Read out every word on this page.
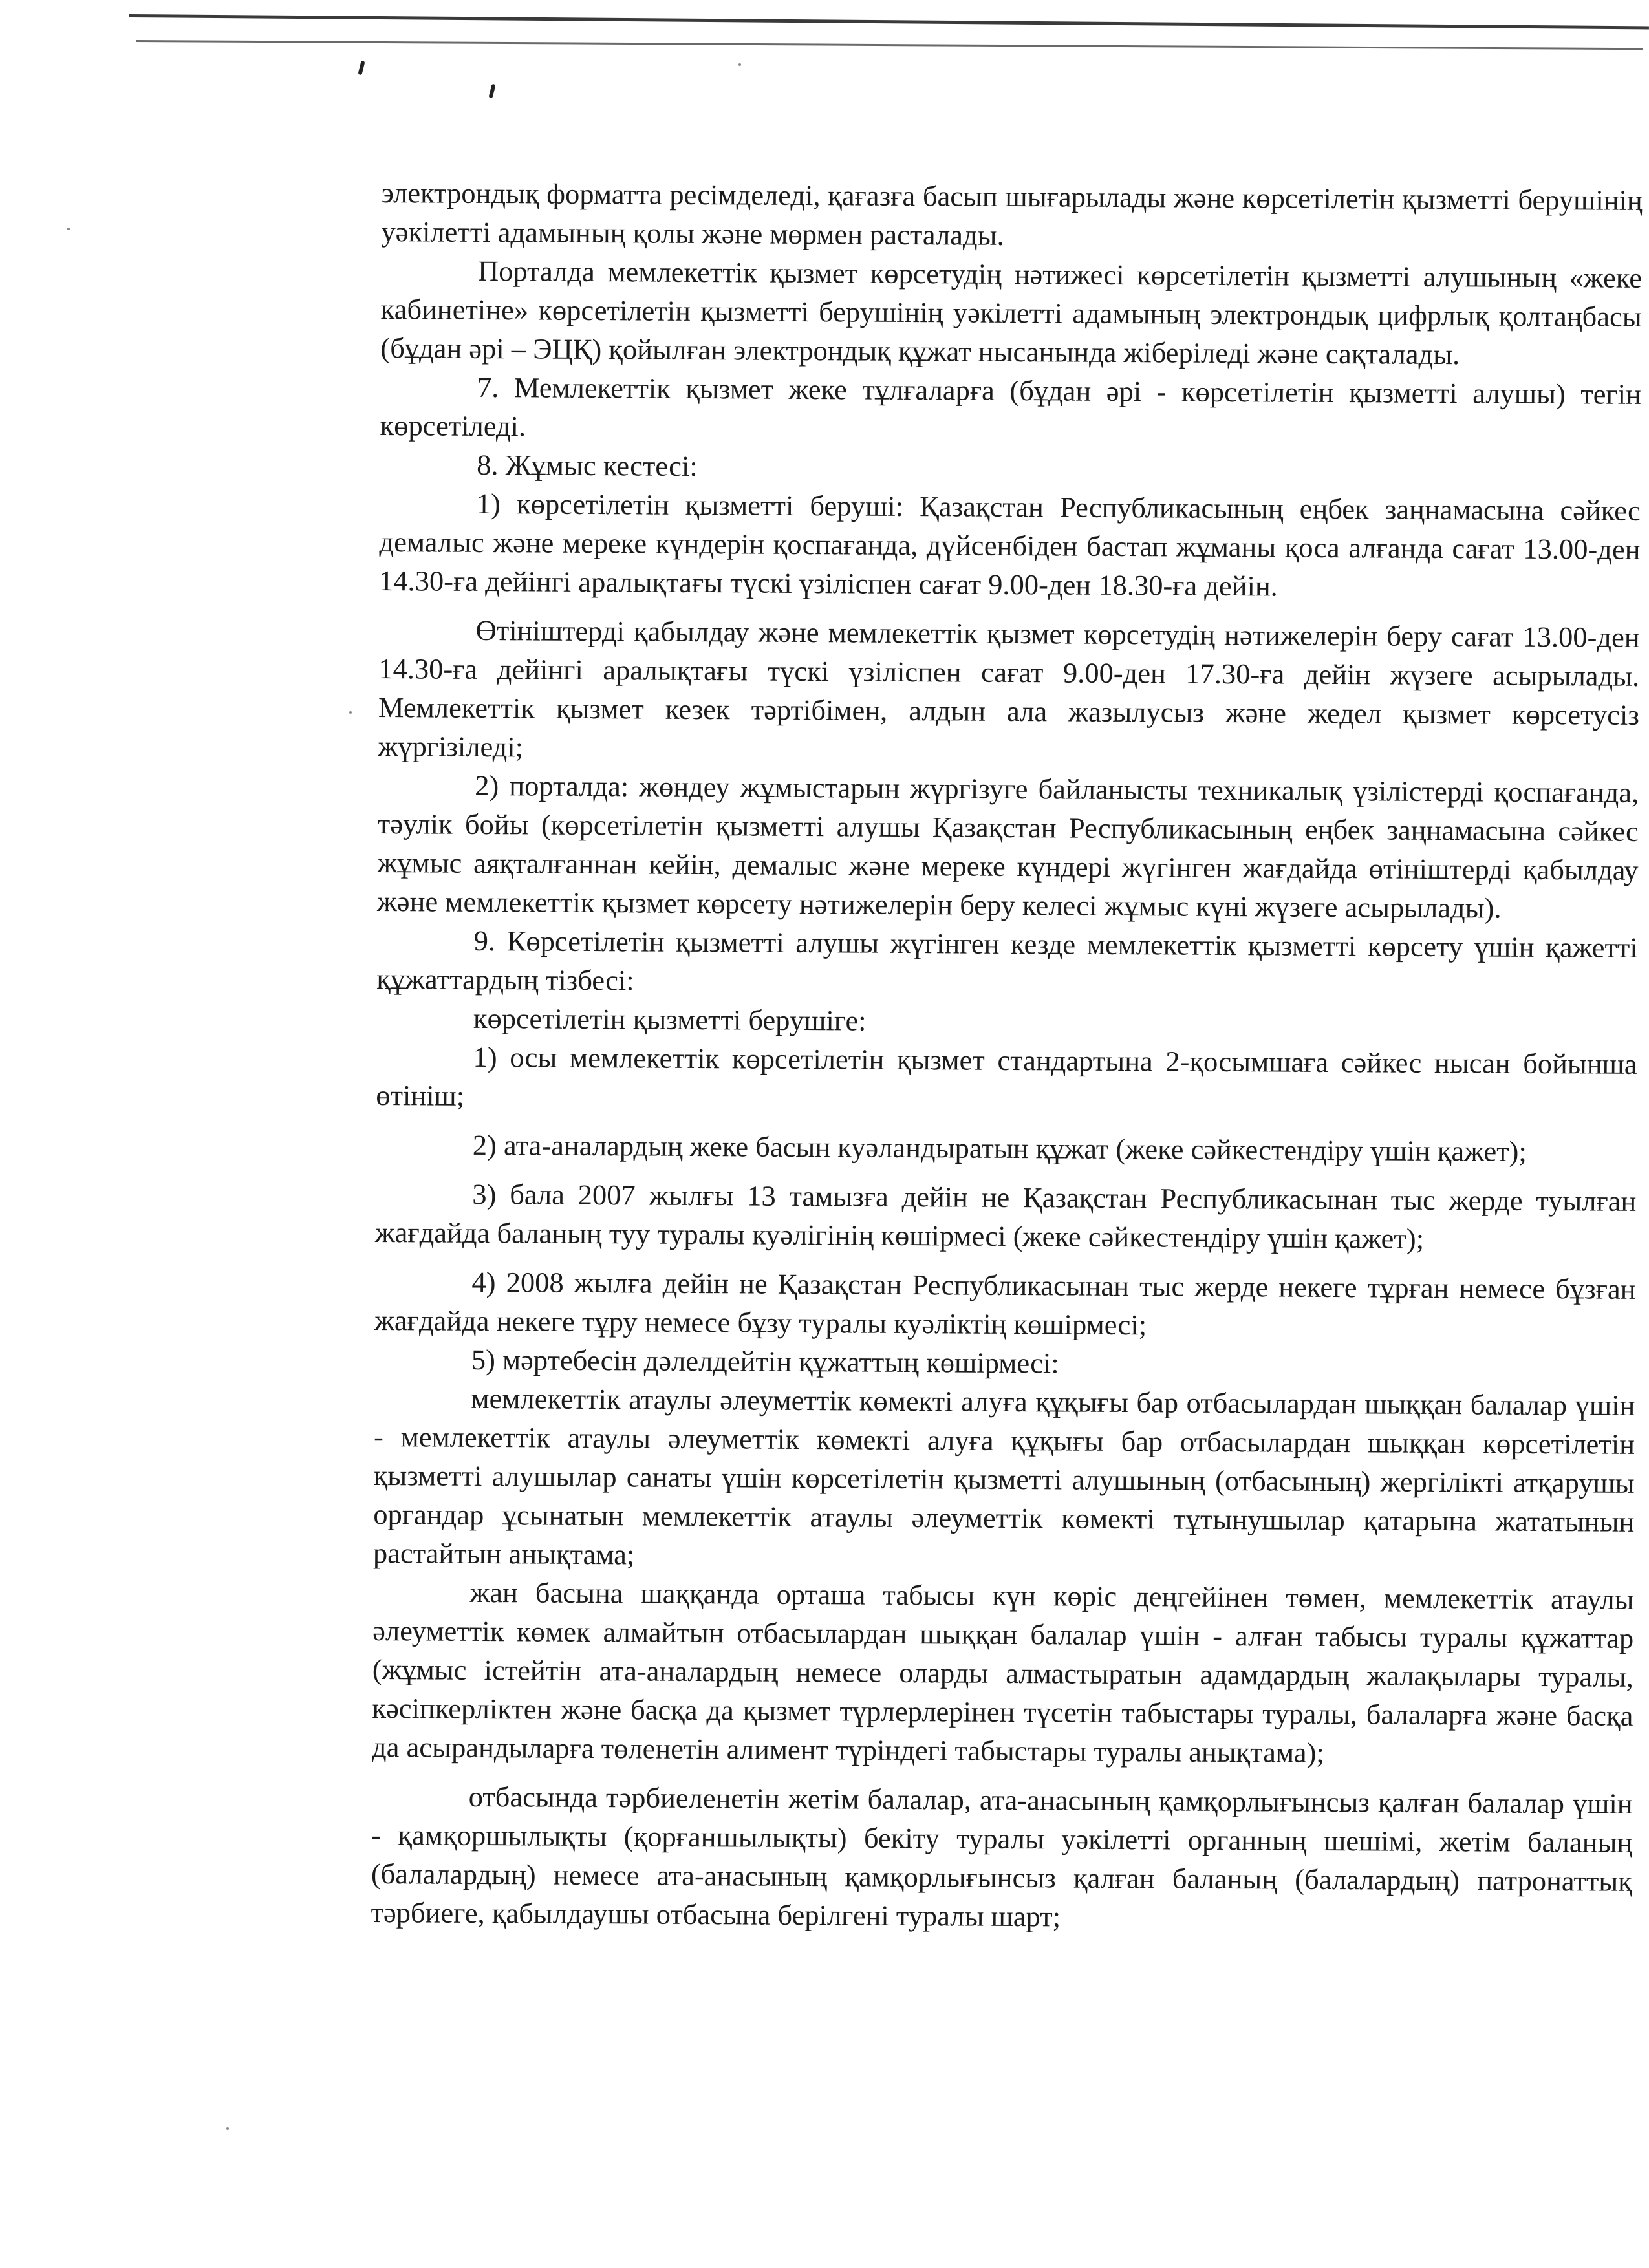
электрондық форматта ресімделеді, қағазға басып шығарылады және көрсетілетін қызметті берушінің уәкілетті адамының қолы және мөрмен расталады.

Порталда мемлекеттік қызмет көрсетудің нәтижесі көрсетілетін қызметті алушының «жеке кабинетіне» көрсетілетін қызметті берушінің уәкілетті адамының электрондық цифрлық қолтаңбасы (бұдан әрі – ЭЦҚ) қойылған электрондық құжат нысанында жіберіледі және сақталады.

7. Мемлекеттік қызмет жеке тұлғаларға (бұдан әрі - көрсетілетін қызметті алушы) тегін көрсетіледі.

8. Жұмыс кестесі:

1) көрсетілетін қызметті беруші: Қазақстан Республикасының еңбек заңнамасына сәйкес демалыс және мереке күндерін қоспағанда, дүйсенбіден бастап жұманы қоса алғанда сағат 13.00-ден 14.30-ға дейінгі аралықтағы түскі үзіліспен сағат 9.00-ден 18.30-ға дейін.

Өтініштерді қабылдау және мемлекеттік қызмет көрсетудің нәтижелерін беру сағат 13.00-ден 14.30-ға дейінгі аралықтағы түскі үзіліспен сағат 9.00-ден 17.30-ға дейін жүзеге асырылады. Мемлекеттік қызмет кезек тәртібімен, алдын ала жазылусыз және жедел қызмет көрсетусіз жүргізіледі;

2) порталда: жөндеу жұмыстарын жүргізуге байланысты техникалық үзілістерді қоспағанда, тәулік бойы (көрсетілетін қызметті алушы Қазақстан Республикасының еңбек заңнамасына сәйкес жұмыс аяқталғаннан кейін, демалыс және мереке күндері жүгінген жағдайда өтініштерді қабылдау және мемлекеттік қызмет көрсету нәтижелерін беру келесі жұмыс күні жүзеге асырылады).

9. Көрсетілетін қызметті алушы жүгінген кезде мемлекеттік қызметті көрсету үшін қажетті құжаттардың тізбесі:

көрсетілетін қызметті берушіге:

1) осы мемлекеттік көрсетілетін қызмет стандартына 2-қосымшаға сәйкес нысан бойынша өтініш;

2) ата-аналардың жеке басын куәландыратын құжат (жеке сәйкестендіру үшін қажет);

3) бала 2007 жылғы 13 тамызға дейін не Қазақстан Республикасынан тыс жерде туылған жағдайда баланың туу туралы куәлігінің көшірмесі (жеке сәйкестендіру үшін қажет);

4) 2008 жылға дейін не Қазақстан Республикасынан тыс жерде некеге тұрған немесе бұзған жағдайда некеге тұру немесе бұзу туралы куәліктің көшірмесі;

5) мәртебесін дәлелдейтін құжаттың көшірмесі:

мемлекеттік атаулы әлеуметтік көмекті алуға құқығы бар отбасылардан шыққан балалар үшін - мемлекеттік атаулы әлеуметтік көмекті алуға құқығы бар отбасылардан шыққан көрсетілетін қызметті алушылар санаты үшін көрсетілетін қызметті алушының (отбасының) жергілікті атқарушы органдар ұсынатын мемлекеттік атаулы әлеуметтік көмекті тұтынушылар қатарына жататынын растайтын анықтама;

жан басына шаққанда орташа табысы күн көріс деңгейінен төмен, мемлекеттік атаулы әлеуметтік көмек алмайтын отбасылардан шыққан балалар үшін - алған табысы туралы құжаттар (жұмыс істейтін ата-аналардың немесе оларды алмастыратын адамдардың жалақылары туралы, кәсіпкерліктен және басқа да қызмет түрлерлерінен түсетін табыстары туралы, балаларға және басқа да асырандыларға төленетін алимент түріндегі табыстары туралы анықтама);

отбасында тәрбиеленетін жетім балалар, ата-анасының қамқорлығынсыз қалған балалар үшін - қамқоршылықты (қорғаншылықты) бекіту туралы уәкілетті органның шешімі, жетім баланың (балалардың) немесе ата-анасының қамқорлығынсыз қалған баланың (балалардың) патронаттық тәрбиеге, қабылдаушы отбасына берілгені туралы шарт;
